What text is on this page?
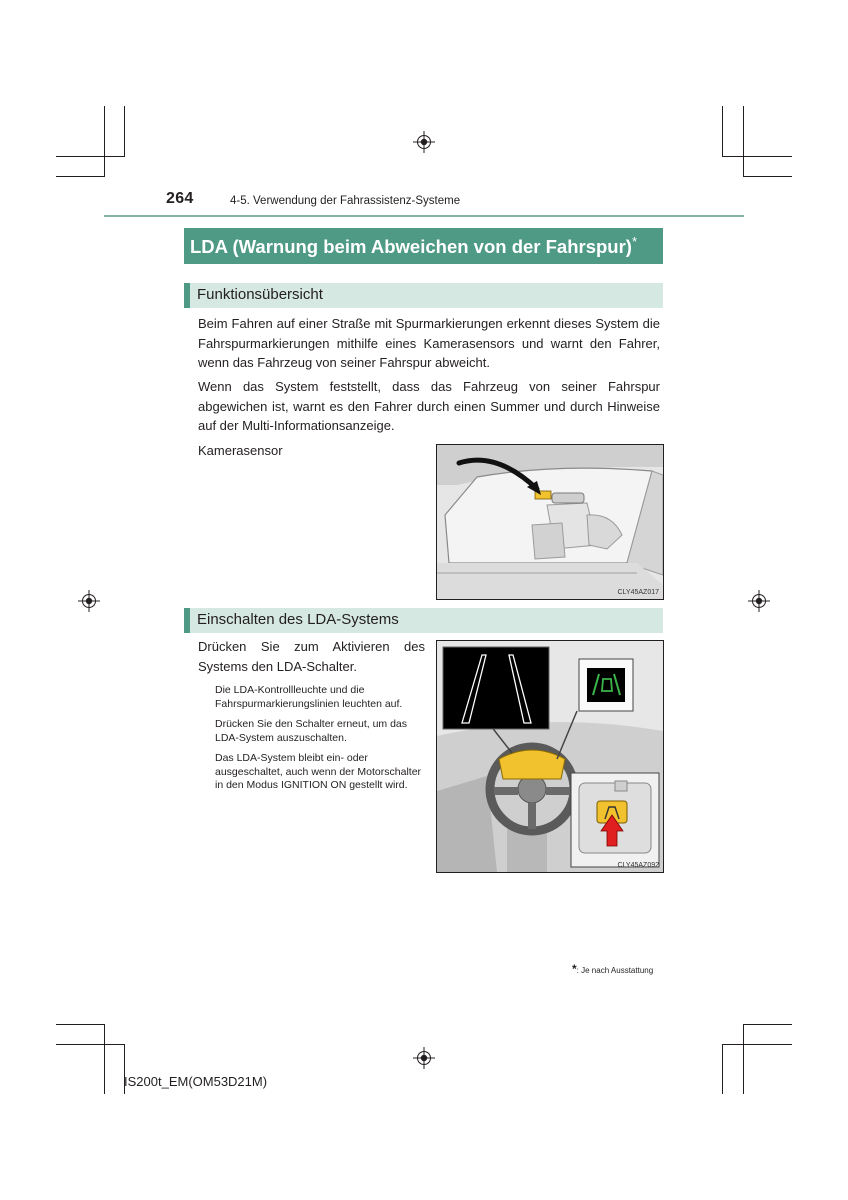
264	4-5. Verwendung der Fahrassistenz-Systeme
LDA (Warnung beim Abweichen von der Fahrspur)*
Funktionsübersicht

Beim Fahren auf einer Straße mit Spurmarkierungen erkennt dieses System die Fahrspurmarkierungen mithilfe eines Kamerasensors und warnt den Fahrer, wenn das Fahrzeug von seiner Fahrspur abweicht.

Wenn das System feststellt, dass das Fahrzeug von seiner Fahrspur abgewichen ist, warnt es den Fahrer durch einen Summer und durch Hinweise auf der Multi-Informationsanzeige.

Kamerasensor

CLY45AZ017
Einschalten des LDA-Systems

Drücken Sie zum Aktivieren des Systems den LDA-Schalter.

Die LDA-Kontrollleuchte und die Fahrspurmarkierungslinien leuchten auf.

Drücken Sie den Schalter erneut, um das LDA-System auszuschalten.

Das LDA-System bleibt ein- oder ausgeschaltet, auch wenn der Motorschalter in den Modus IGNITION ON gestellt wird.

CLY45AZ092
*: Je nach Ausstattung
IS200t_EM(OM53D21M)
